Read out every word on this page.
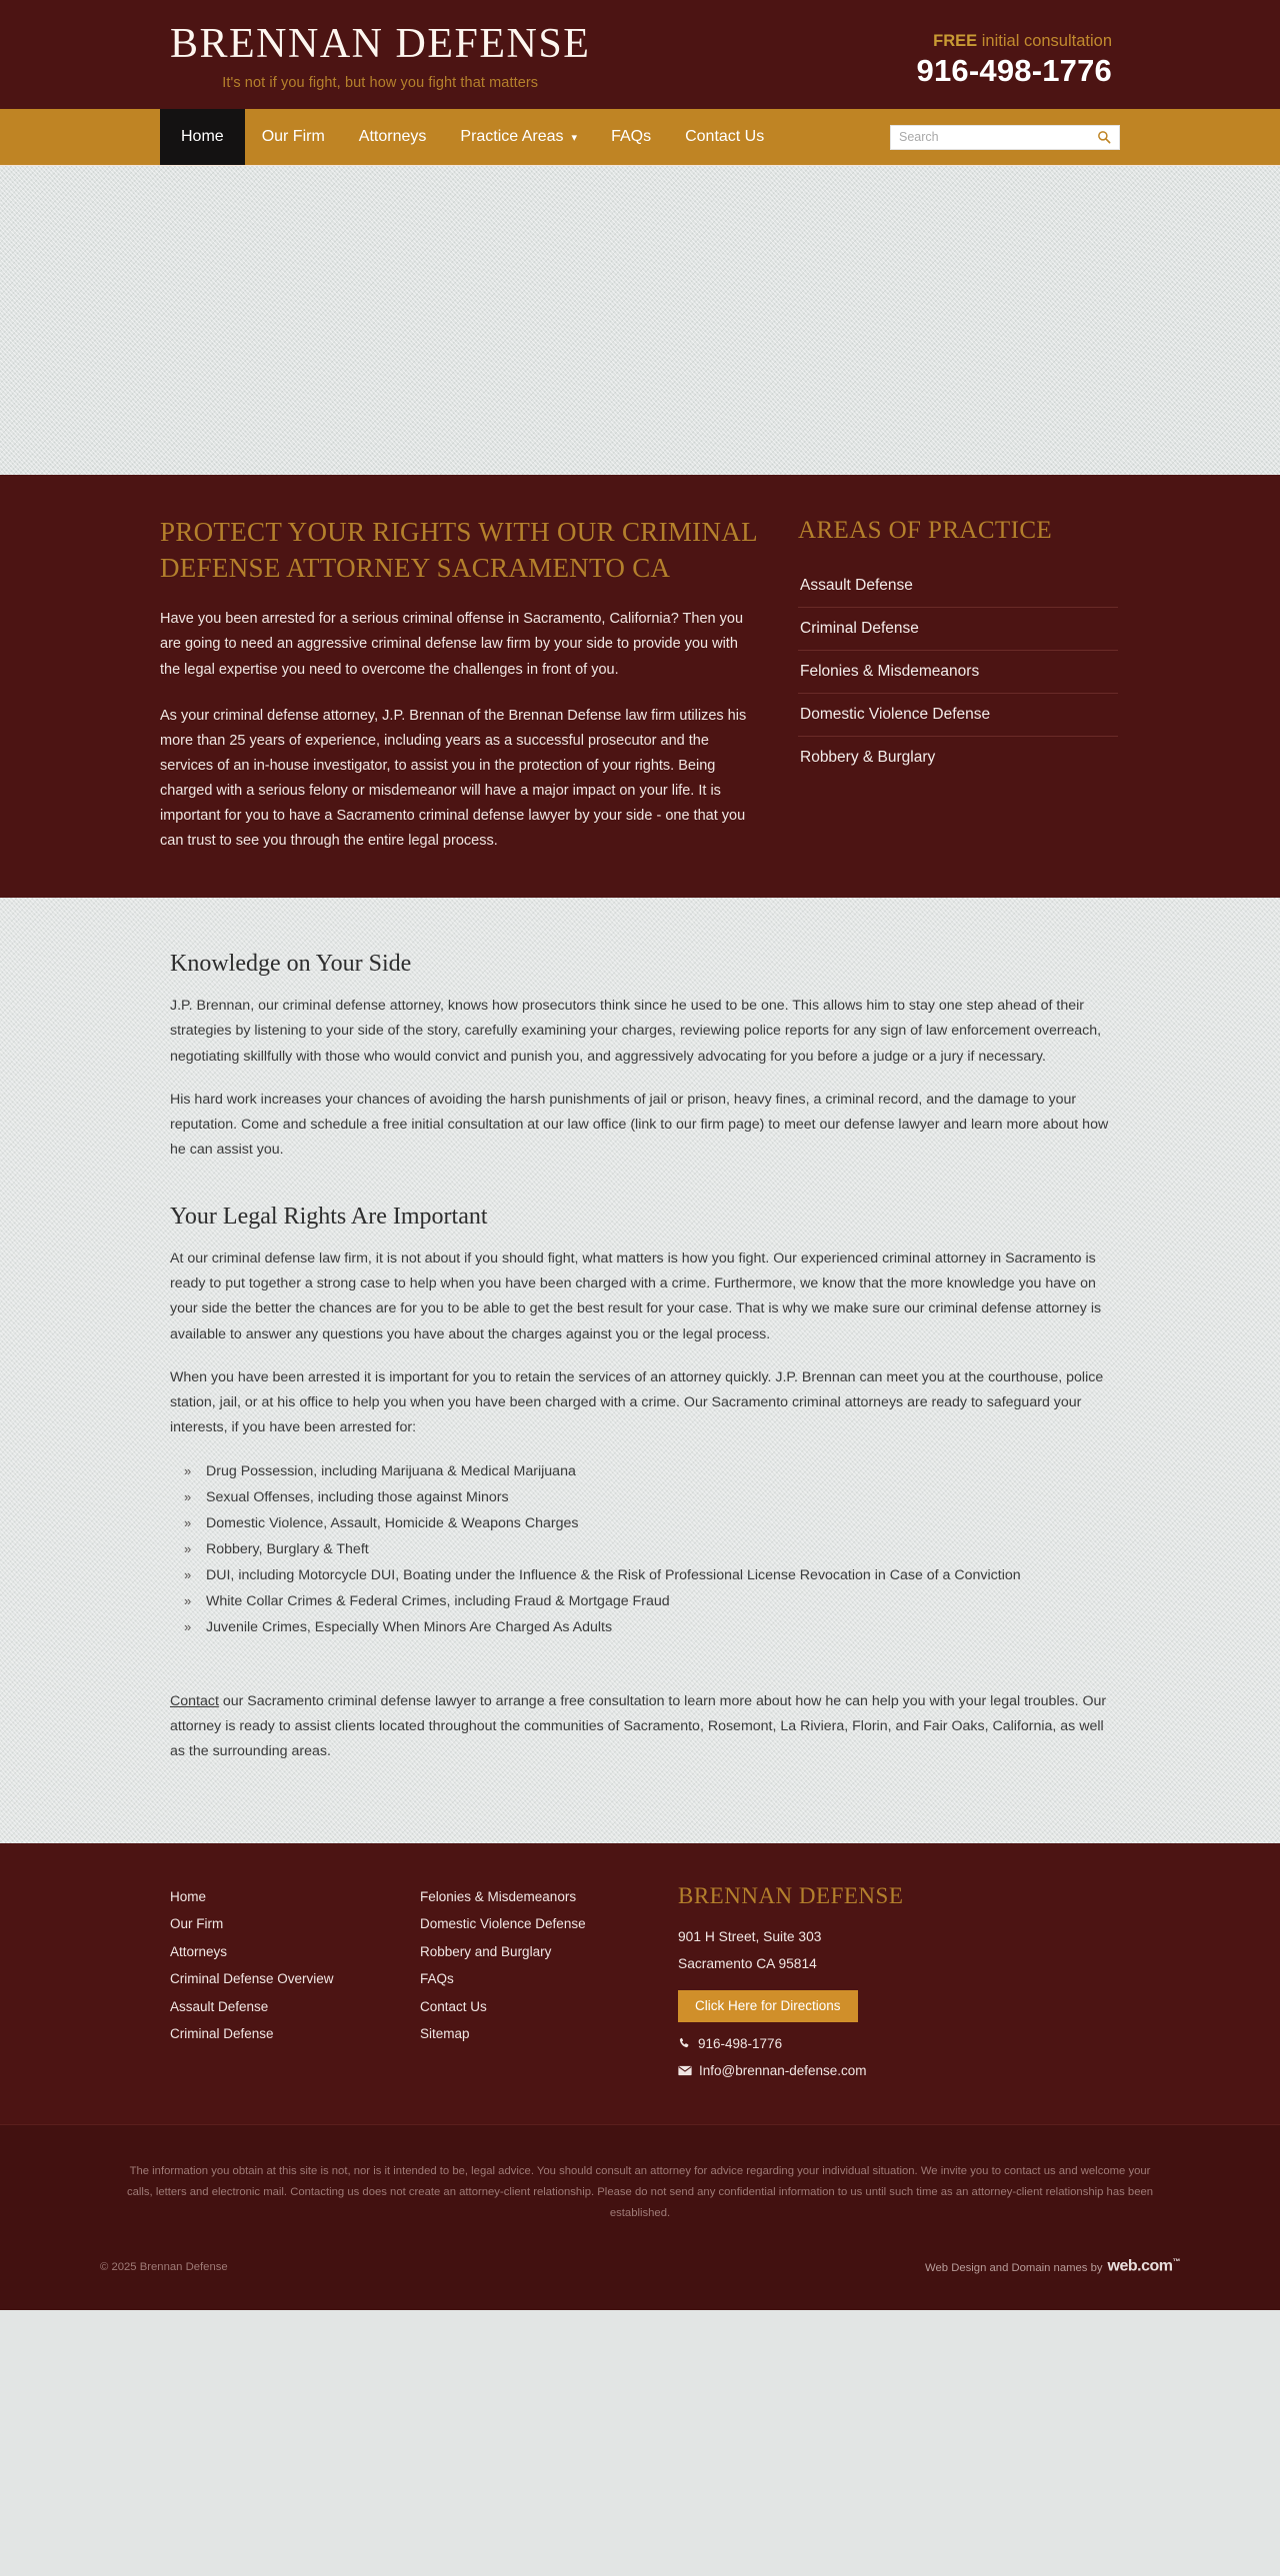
BRENNAN DEFENSE
It's not if you fight, but how you fight that matters
FREE initial consultation
916-498-1776
Home Our Firm Attorneys Practice Areas ▾ FAQs Contact Us
Search
PROTECT YOUR RIGHTS WITH OUR CRIMINAL DEFENSE ATTORNEY SACRAMENTO CA

Have you been arrested for a serious criminal offense in Sacramento, California? Then you are going to need an aggressive criminal defense law firm by your side to provide you with the legal expertise you need to overcome the challenges in front of you.

As your criminal defense attorney, J.P. Brennan of the Brennan Defense law firm utilizes his more than 25 years of experience, including years as a successful prosecutor and the services of an in-house investigator, to assist you in the protection of your rights. Being charged with a serious felony or misdemeanor will have a major impact on your life. It is important for you to have a Sacramento criminal defense lawyer by your side - one that you can trust to see you through the entire legal process.

AREAS OF PRACTICE
Assault Defense
Criminal Defense
Felonies & Misdemeanors
Domestic Violence Defense
Robbery & Burglary
Knowledge on Your Side

J.P. Brennan, our criminal defense attorney, knows how prosecutors think since he used to be one. This allows him to stay one step ahead of their strategies by listening to your side of the story, carefully examining your charges, reviewing police reports for any sign of law enforcement overreach, negotiating skillfully with those who would convict and punish you, and aggressively advocating for you before a judge or a jury if necessary.

His hard work increases your chances of avoiding the harsh punishments of jail or prison, heavy fines, a criminal record, and the damage to your reputation. Come and schedule a free initial consultation at our law office (link to our firm page) to meet our defense lawyer and learn more about how he can assist you.

Your Legal Rights Are Important

At our criminal defense law firm, it is not about if you should fight, what matters is how you fight. Our experienced criminal attorney in Sacramento is ready to put together a strong case to help when you have been charged with a crime. Furthermore, we know that the more knowledge you have on your side the better the chances are for you to be able to get the best result for your case. That is why we make sure our criminal defense attorney is available to answer any questions you have about the charges against you or the legal process.

When you have been arrested it is important for you to retain the services of an attorney quickly. J.P. Brennan can meet you at the courthouse, police station, jail, or at his office to help you when you have been charged with a crime. Our Sacramento criminal attorneys are ready to safeguard your interests, if you have been arrested for:

» Drug Possession, including Marijuana & Medical Marijuana
» Sexual Offenses, including those against Minors
» Domestic Violence, Assault, Homicide & Weapons Charges
» Robbery, Burglary & Theft
» DUI, including Motorcycle DUI, Boating under the Influence & the Risk of Professional License Revocation in Case of a Conviction
» White Collar Crimes & Federal Crimes, including Fraud & Mortgage Fraud
» Juvenile Crimes, Especially When Minors Are Charged As Adults

Contact our Sacramento criminal defense lawyer to arrange a free consultation to learn more about how he can help you with your legal troubles. Our attorney is ready to assist clients located throughout the communities of Sacramento, Rosemont, La Riviera, Florin, and Fair Oaks, California, as well as the surrounding areas.

Home
Our Firm
Attorneys
Criminal Defense Overview
Assault Defense
Criminal Defense
Felonies & Misdemeanors
Domestic Violence Defense
Robbery and Burglary
FAQs
Contact Us
Sitemap
BRENNAN DEFENSE
901 H Street, Suite 303
Sacramento CA 95814
Click Here for Directions
916-498-1776
Info@brennan-defense.com
The information you obtain at this site is not, nor is it intended to be, legal advice. You should consult an attorney for advice regarding your individual situation. We invite you to contact us and welcome your calls, letters and electronic mail. Contacting us does not create an attorney-client relationship. Please do not send any confidential information to us until such time as an attorney-client relationship has been established.
© 2025 Brennan Defense	Web Design and Domain names by web.com™
